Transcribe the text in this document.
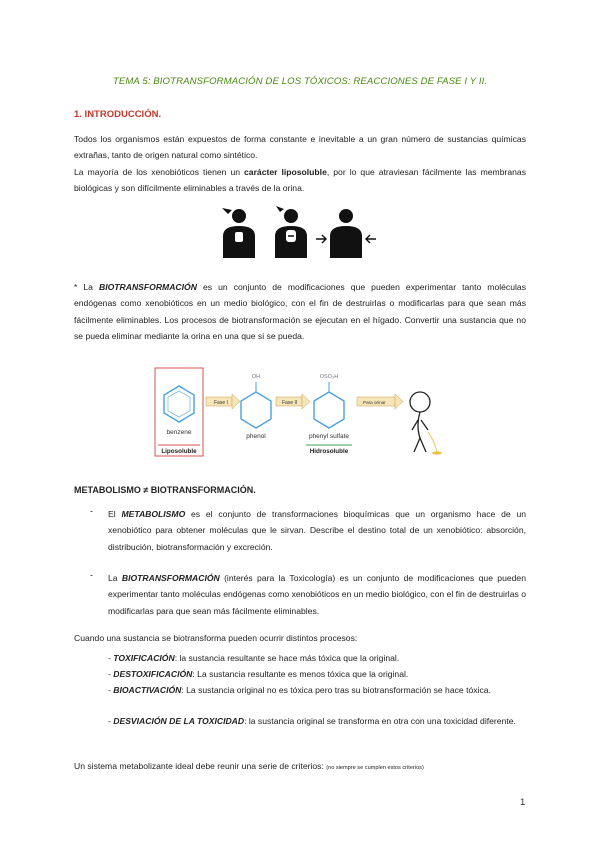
TEMA 5: BIOTRANSFORMACIÓN DE LOS TÓXICOS: REACCIONES DE FASE I Y II.
1. INTRODUCCIÓN.

Todos los organismos están expuestos de forma constante e inevitable a un gran número de sustancias químicas extrañas, tanto de origen natural como sintético.

La mayoría de los xenobióticos tienen un carácter liposoluble, por lo que atraviesan fácilmente las membranas biológicas y son difícilmente eliminables a través de la orina.

* La BIOTRANSFORMACIÓN es un conjunto de modificaciones que pueden experimentar tanto moléculas endógenas como xenobióticos en un medio biológico, con el fin de destruirlas o modificarlas para que sean más fácilmente eliminables. Los procesos de biotransformación se ejecutan en el hígado. Convertir una sustancia que no se pueda eliminar mediante la orina en una que si se pueda.

benzene
Liposoluble
Fase I
OH
phenol
Fase II
OSO₃H
phenyl sulfate
Hidrosoluble
Para orinar
METABOLISMO ≠ BIOTRANSFORMACIÓN.
- El METABOLISMO es el conjunto de transformaciones bioquímicas que un organismo hace de un xenobiótico para obtener moléculas que le sirvan. Describe el destino total de un xenobiótico: absorción, distribución, biotransformación y excreción.

- La BIOTRANSFORMACIÓN (interés para la Toxicología) es un conjunto de modificaciones que pueden experimentar tanto moléculas endógenas como xenobióticos en un medio biológico, con el fin de destruirlas o modificarlas para que sean más fácilmente eliminables.

Cuando una sustancia se biotransforma pueden ocurrir distintos procesos:

- TOXIFICACIÓN: la sustancia resultante se hace más tóxica que la original.

- DESTOXIFICACIÓN: La sustancia resultante es menos tóxica que la original.

- BIOACTIVACIÓN: La sustancia original no es tóxica pero tras su biotransformación se hace tóxica.

- DESVIACIÓN DE LA TOXICIDAD: la sustancia original se transforma en otra con una toxicidad diferente.

Un sistema metabolizante ideal debe reunir una serie de criterios: (no siempre se cumplen estos criterios)

1
